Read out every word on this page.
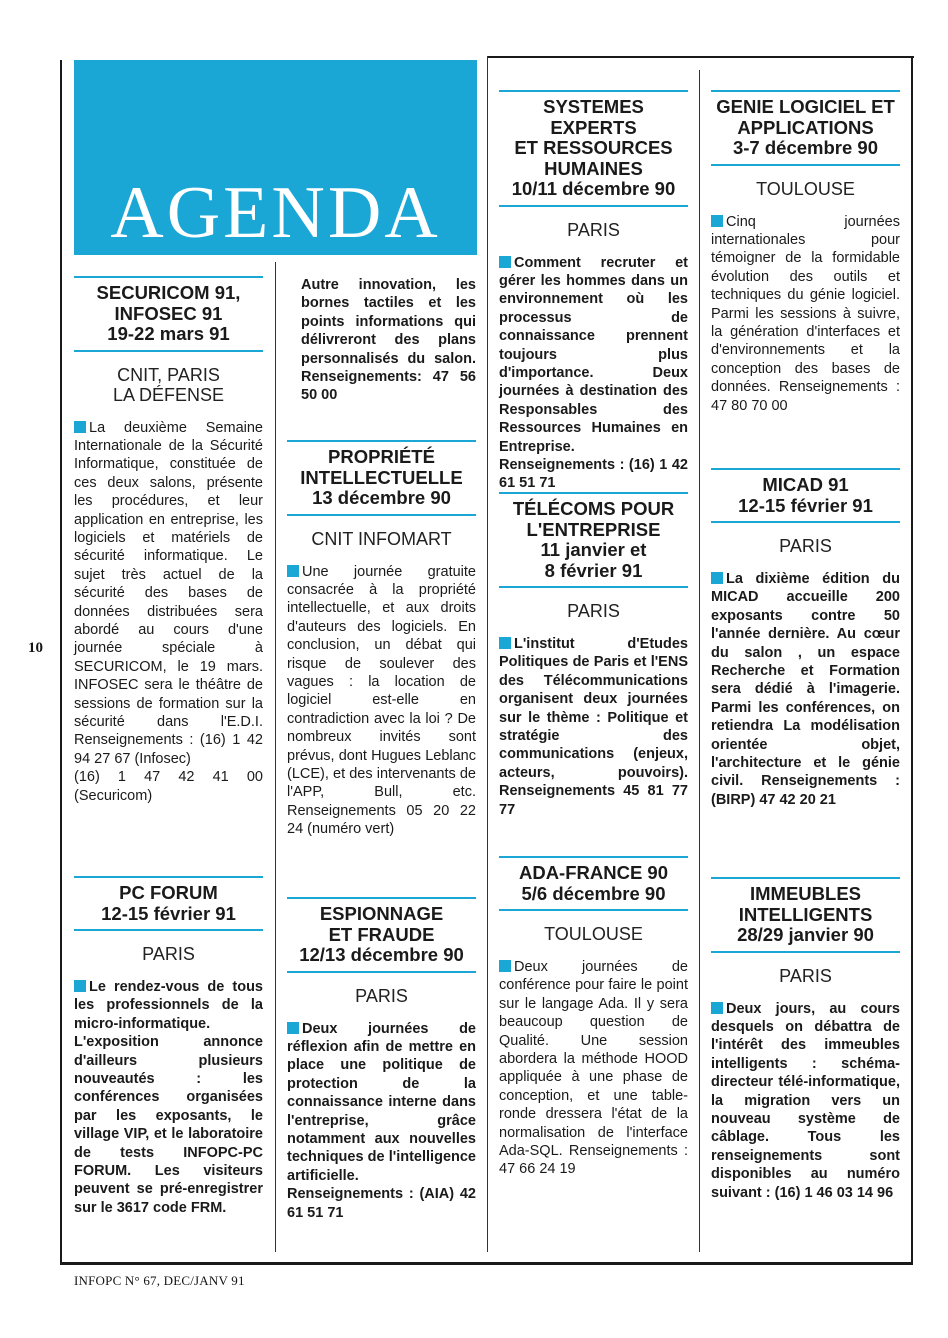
10
INFOPC N° 67, DEC/JANV 91
AGENDA
SECURICOM 91,
INFOSEC 91
19-22 mars 91
CNIT, PARIS
LA DÉFENSE
La deuxième Semaine Internationale de la Sécurité Informatique, constituée de ces deux salons, présente les procédures, et leur application en entreprise, les logiciels et matériels de sécurité informatique. Le sujet très actuel de la sécurité des bases de données distribuées sera abordé au cours d'une journée spéciale à SECURICOM, le 19 mars. INFOSEC sera le théâtre de sessions de formation sur la sécurité dans l'E.D.I. Renseignements : (16) 1 42 94 27 67 (Infosec)
(16) 1 47 42 41 00 (Securicom)
PC FORUM
12-15 février 91
PARIS
Le rendez-vous de tous les professionnels de la micro-informatique. L'exposition annonce d'ailleurs plusieurs nouveautés : les conférences organisées par les exposants, le village VIP, et le laboratoire de tests INFOPC-PC FORUM. Les visiteurs peuvent se pré-enregistrer sur le 3617 code FRM.
Autre innovation, les bornes tactiles et les points informations qui délivreront des plans personnalisés du salon. Renseignements: 47 56 50 00
PROPRIÉTÉ
INTELLECTUELLE
13 décembre 90
CNIT INFOMART
Une journée gratuite consacrée à la propriété intellectuelle, et aux droits d'auteurs des logiciels. En conclusion, un débat qui risque de soulever des vagues : la location de logiciel est-elle en contradiction avec la loi ? De nombreux invités sont prévus, dont Hugues Leblanc (LCE), et des intervenants de l'APP, Bull, etc. Renseignements 05 20 22 24 (numéro vert)
ESPIONNAGE
ET FRAUDE
12/13 décembre 90
PARIS
Deux journées de réflexion afin de mettre en place une politique de protection de la connaissance interne dans l'entreprise, grâce notamment aux nouvelles techniques de l'intelligence artificielle. Renseignements : (AIA) 42 61 51 71
SYSTEMES EXPERTS
ET RESSOURCES
HUMAINES
10/11 décembre 90
PARIS
Comment recruter et gérer les hommes dans un environnement où les processus de connaissance prennent toujours plus d'importance. Deux journées à destination des Responsables des Ressources Humaines en Entreprise. Renseignements : (16) 1 42 61 51 71
TÉLÉCOMS POUR
L'ENTREPRISE
11 janvier et
8 février 91
PARIS
L'institut d'Etudes Politiques de Paris et l'ENS des Télécommunications organisent deux journées sur le thème : Politique et stratégie des communications (enjeux, acteurs, pouvoirs). Renseignements 45 81 77 77
ADA-FRANCE 90
5/6 décembre 90
TOULOUSE
Deux journées de conférence pour faire le point sur le langage Ada. Il y sera beaucoup question de Qualité. Une session abordera la méthode HOOD appliquée à une phase de conception, et une table-ronde dressera l'état de la normalisation de l'interface Ada-SQL. Renseignements : 47 66 24 19
GENIE LOGICIEL ET
APPLICATIONS
3-7 décembre 90
TOULOUSE
Cinq journées internationales pour témoigner de la formidable évolution des outils et techniques du génie logiciel. Parmi les sessions à suivre, la génération d'interfaces et d'environnements et la conception des bases de données. Renseignements : 47 80 70 00
MICAD 91
12-15 février 91
PARIS
La dixième édition du MICAD accueille 200 exposants contre 50 l'année dernière. Au cœur du salon , un espace Recherche et Formation sera dédié à l'imagerie. Parmi les conférences, on retiendra La modélisation orientée objet, l'architecture et le génie civil. Renseignements : (BIRP) 47 42 20 21
IMMEUBLES
INTELLIGENTS
28/29 janvier 90
PARIS
Deux jours, au cours desquels on débattra de l'intérêt des immeubles intelligents : schéma-directeur télé-informatique, la migration vers un nouveau système de câblage. Tous les renseignements sont disponibles au numéro suivant : (16) 1 46 03 14 96
